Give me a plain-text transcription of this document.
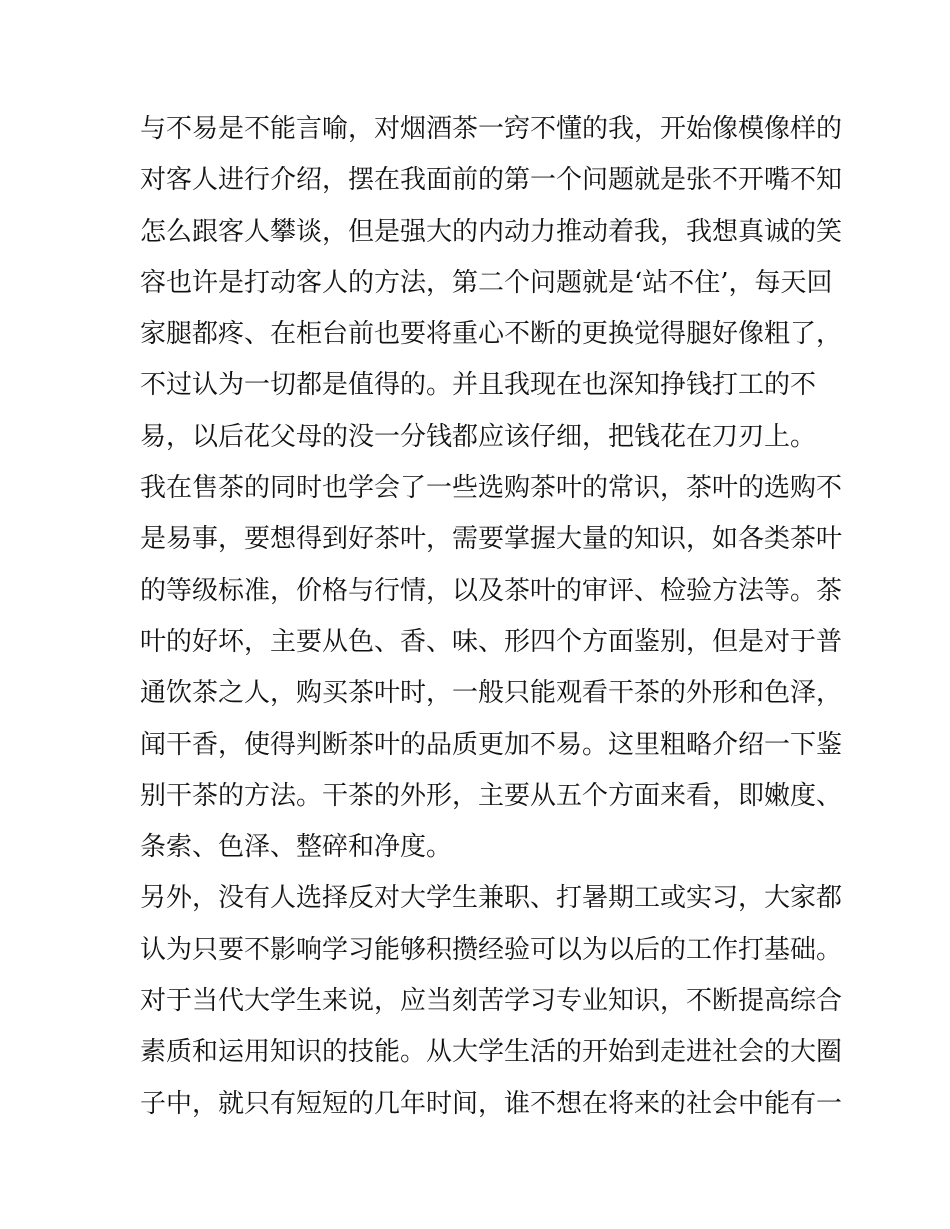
与不易是不能言喻，对烟酒茶一窍不懂的我，开始像模像样的
对客人进行介绍，摆在我面前的第一个问题就是张不开嘴不知
怎么跟客人攀谈，但是强大的内动力推动着我，我想真诚的笑
容也许是打动客人的方法，第二个问题就是‘站不住’，每天回
家腿都疼、在柜台前也要将重心不断的更换觉得腿好像粗了，
不过认为一切都是值得的。并且我现在也深知挣钱打工的不
易，以后花父母的没一分钱都应该仔细，把钱花在刀刃上。
我在售茶的同时也学会了一些选购茶叶的常识，茶叶的选购不
是易事，要想得到好茶叶，需要掌握大量的知识，如各类茶叶
的等级标准，价格与行情，以及茶叶的审评、检验方法等。茶
叶的好坏，主要从色、香、味、形四个方面鉴别，但是对于普
通饮茶之人，购买茶叶时，一般只能观看干茶的外形和色泽，
闻干香，使得判断茶叶的品质更加不易。这里粗略介绍一下鉴
别干茶的方法。干茶的外形，主要从五个方面来看，即嫩度、
条索、色泽、整碎和净度。
另外，没有人选择反对大学生兼职、打暑期工或实习，大家都
认为只要不影响学习能够积攒经验可以为以后的工作打基础。
对于当代大学生来说，应当刻苦学习专业知识，不断提高综合
素质和运用知识的技能。从大学生活的开始到走进社会的大圈
子中，就只有短短的几年时间，谁不想在将来的社会中能有一
